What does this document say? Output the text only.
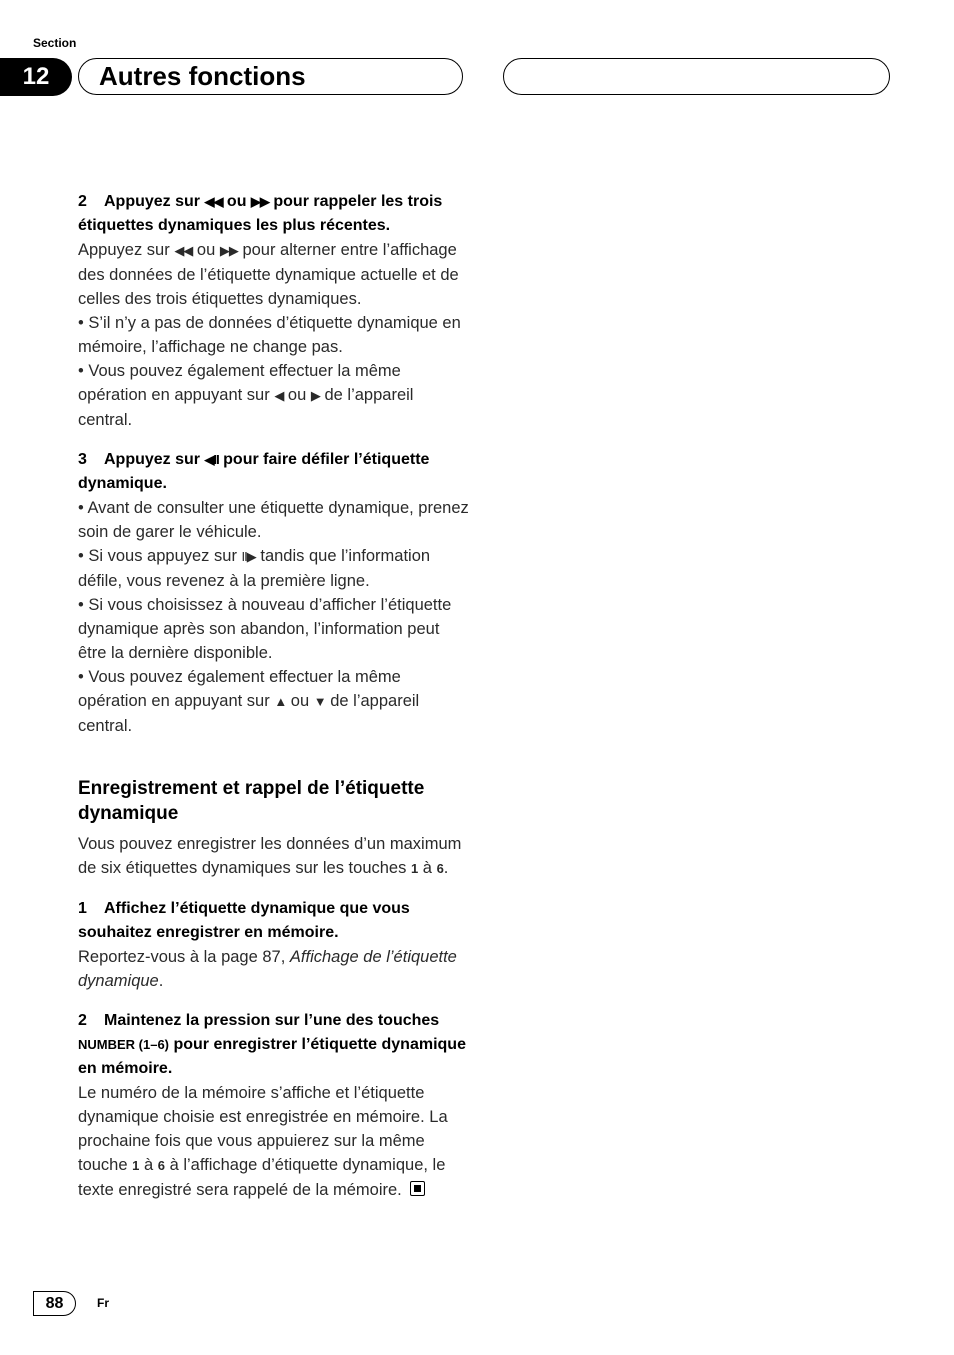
Section
12	Autres fonctions

2 Appuyez sur ◀◀ ou ▶▶ pour rappeler les trois étiquettes dynamiques les plus récentes.

Appuyez sur ◀◀ ou ▶▶ pour alterner entre l’affichage des données de l’étiquette dynamique actuelle et de celles des trois étiquettes dynamiques.

• S’il n’y a pas de données d’étiquette dynamique en mémoire, l’affichage ne change pas.

• Vous pouvez également effectuer la même opération en appuyant sur ◀ ou ▶ de l’appareil central.

3 Appuyez sur ◀II pour faire défiler l’étiquette dynamique.

• Avant de consulter une étiquette dynamique, prenez soin de garer le véhicule.

• Si vous appuyez sur II▶ tandis que l’information défile, vous revenez à la première ligne.

• Si vous choisissez à nouveau d’afficher l’étiquette dynamique après son abandon, l’information peut être la dernière disponible.

• Vous pouvez également effectuer la même opération en appuyant sur ▲ ou ▼ de l’appareil central.

Enregistrement et rappel de l’étiquette dynamique

Vous pouvez enregistrer les données d’un maximum de six étiquettes dynamiques sur les touches 1 à 6.

1 Affichez l’étiquette dynamique que vous souhaitez enregistrer en mémoire.

Reportez-vous à la page 87, Affichage de l’étiquette dynamique.

2 Maintenez la pression sur l’une des touches NUMBER (1–6) pour enregistrer l’étiquette dynamique en mémoire.

Le numéro de la mémoire s’affiche et l’étiquette dynamique choisie est enregistrée en mémoire. La prochaine fois que vous appuierez sur la même touche 1 à 6 à l’affichage d’étiquette dynamique, le texte enregistré sera rappelé de la mémoire.

88	Fr
